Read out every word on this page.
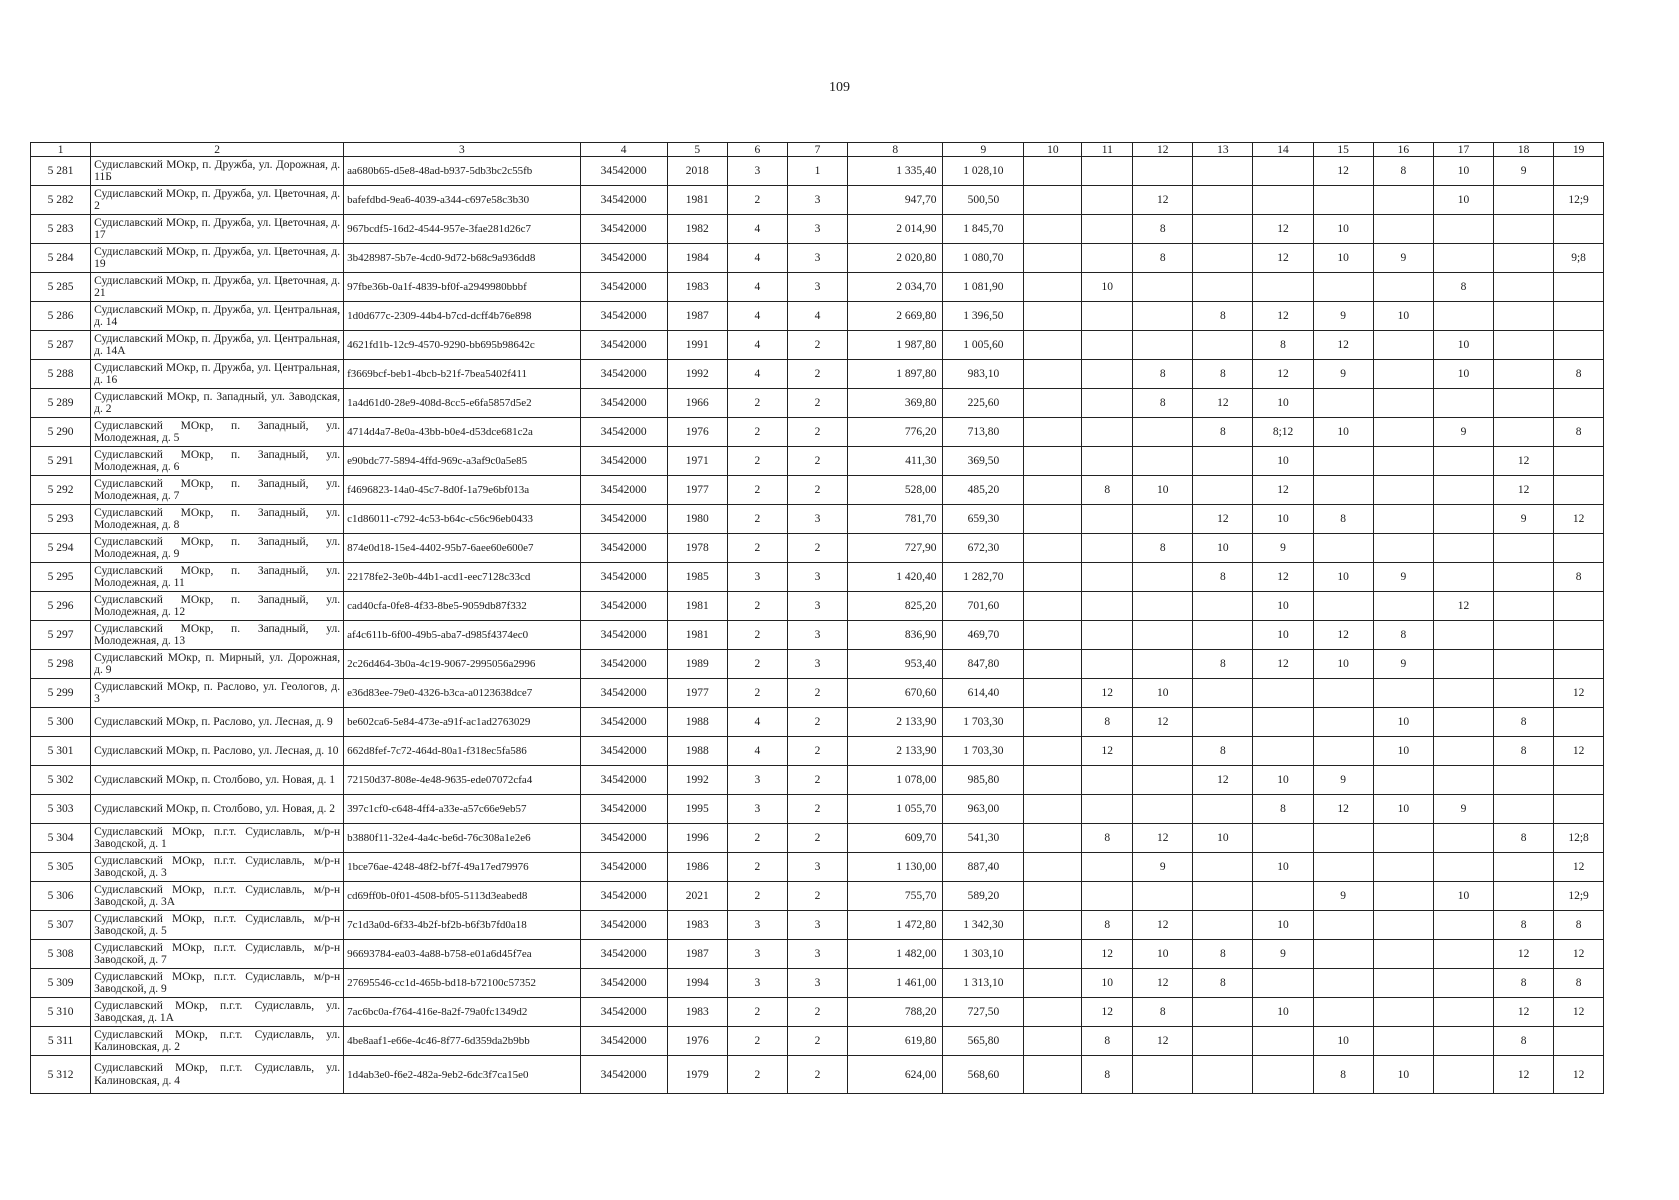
109
1	2	3	4	5	6	7	8	9	10	11	12	13	14	15	16	17	18	19
5 281	Судиславский МОкр, п. Дружба, ул. Дорожная, д. 11Б	aa680b65-d5e8-48ad-b937-5db3bc2c55fb	34542000	2018	3	1	1 335,40	1 028,10						12	8	10	9	
5 282	Судиславский МОкр, п. Дружба, ул. Цветочная, д. 2	bafefdbd-9ea6-4039-a344-c697e58c3b30	34542000	1981	2	3	947,70	500,50			12					10		12;9
5 283	Судиславский МОкр, п. Дружба, ул. Цветочная, д. 17	967bcdf5-16d2-4544-957e-3fae281d26c7	34542000	1982	4	3	2 014,90	1 845,70			8		12	10				
5 284	Судиславский МОкр, п. Дружба, ул. Цветочная, д. 19	3b428987-5b7e-4cd0-9d72-b68c9a936dd8	34542000	1984	4	3	2 020,80	1 080,70			8		12	10	9			9;8
5 285	Судиславский МОкр, п. Дружба, ул. Цветочная, д. 21	97fbe36b-0a1f-4839-bf0f-a2949980bbbf	34542000	1983	4	3	2 034,70	1 081,90		10						8		
5 286	Судиславский МОкр, п. Дружба, ул. Центральная, д. 14	1d0d677c-2309-44b4-b7cd-dcff4b76e898	34542000	1987	4	4	2 669,80	1 396,50				8	12	9	10			
5 287	Судиславский МОкр, п. Дружба, ул. Центральная, д. 14А	4621fd1b-12c9-4570-9290-bb695b98642c	34542000	1991	4	2	1 987,80	1 005,60					8	12		10		
5 288	Судиславский МОкр, п. Дружба, ул. Центральная, д. 16	f3669bcf-beb1-4bcb-b21f-7bea5402f411	34542000	1992	4	2	1 897,80	983,10			8	8	12	9		10		8
5 289	Судиславский МОкр, п. Западный, ул. Заводская, д. 2	1a4d61d0-28e9-408d-8cc5-e6fa5857d5e2	34542000	1966	2	2	369,80	225,60			8	12	10					
5 290	Судиславский МОкр, п. Западный, ул. Молодежная, д. 5	4714d4a7-8e0a-43bb-b0e4-d53dce681c2a	34542000	1976	2	2	776,20	713,80				8	8;12	10		9		8
5 291	Судиславский МОкр, п. Западный, ул. Молодежная, д. 6	e90bdc77-5894-4ffd-969c-a3af9c0a5e85	34542000	1971	2	2	411,30	369,50					10				12	
5 292	Судиславский МОкр, п. Западный, ул. Молодежная, д. 7	f4696823-14a0-45c7-8d0f-1a79e6bf013a	34542000	1977	2	2	528,00	485,20		8	10		12				12	
5 293	Судиславский МОкр, п. Западный, ул. Молодежная, д. 8	c1d86011-c792-4c53-b64c-c56c96eb0433	34542000	1980	2	3	781,70	659,30				12	10	8			9	12
5 294	Судиславский МОкр, п. Западный, ул. Молодежная, д. 9	874e0d18-15e4-4402-95b7-6aee60e600e7	34542000	1978	2	2	727,90	672,30			8	10	9					
5 295	Судиславский МОкр, п. Западный, ул. Молодежная, д. 11	22178fe2-3e0b-44b1-acd1-eec7128c33cd	34542000	1985	3	3	1 420,40	1 282,70				8	12	10	9			8
5 296	Судиславский МОкр, п. Западный, ул. Молодежная, д. 12	cad40cfa-0fe8-4f33-8be5-9059db87f332	34542000	1981	2	3	825,20	701,60					10			12		
5 297	Судиславский МОкр, п. Западный, ул. Молодежная, д. 13	af4c611b-6f00-49b5-aba7-d985f4374ec0	34542000	1981	2	3	836,90	469,70					10	12	8			
5 298	Судиславский МОкр, п. Мирный, ул. Дорожная, д. 9	2c26d464-3b0a-4c19-9067-2995056a2996	34542000	1989	2	3	953,40	847,80				8	12	10	9			
5 299	Судиславский МОкр, п. Раслово, ул. Геологов, д. 3	e36d83ee-79e0-4326-b3ca-a0123638dce7	34542000	1977	2	2	670,60	614,40		12	10							12
5 300	Судиславский МОкр, п. Раслово, ул. Лесная, д. 9	be602ca6-5e84-473e-a91f-ac1ad2763029	34542000	1988	4	2	2 133,90	1 703,30		8	12				10		8	
5 301	Судиславский МОкр, п. Раслово, ул. Лесная, д. 10	662d8fef-7c72-464d-80a1-f318ec5fa586	34542000	1988	4	2	2 133,90	1 703,30		12		8			10		8	12
5 302	Судиславский МОкр, п. Столбово, ул. Новая, д. 1	72150d37-808e-4e48-9635-ede07072cfa4	34542000	1992	3	2	1 078,00	985,80				12	10	9				
5 303	Судиславский МОкр, п. Столбово, ул. Новая, д. 2	397c1cf0-c648-4ff4-a33e-a57c66e9eb57	34542000	1995	3	2	1 055,70	963,00					8	12	10	9		
5 304	Судиславский МОкр, п.г.т. Судиславль, м/р-н Заводской, д. 1	b3880f11-32e4-4a4c-be6d-76c308a1e2e6	34542000	1996	2	2	609,70	541,30		8	12	10					8	12;8
5 305	Судиславский МОкр, п.г.т. Судиславль, м/р-н Заводской, д. 3	1bce76ae-4248-48f2-bf7f-49a17ed79976	34542000	1986	2	3	1 130,00	887,40			9		10					12
5 306	Судиславский МОкр, п.г.т. Судиславль, м/р-н Заводской, д. 3А	cd69ff0b-0f01-4508-bf05-5113d3eabed8	34542000	2021	2	2	755,70	589,20						9		10		12;9
5 307	Судиславский МОкр, п.г.т. Судиславль, м/р-н Заводской, д. 5	7c1d3a0d-6f33-4b2f-bf2b-b6f3b7fd0a18	34542000	1983	3	3	1 472,80	1 342,30		8	12		10				8	8
5 308	Судиславский МОкр, п.г.т. Судиславль, м/р-н Заводской, д. 7	96693784-ea03-4a88-b758-e01a6d45f7ea	34542000	1987	3	3	1 482,00	1 303,10		12	10	8	9				12	12
5 309	Судиславский МОкр, п.г.т. Судиславль, м/р-н Заводской, д. 9	27695546-cc1d-465b-bd18-b72100c57352	34542000	1994	3	3	1 461,00	1 313,10		10	12	8					8	8
5 310	Судиславский МОкр, п.г.т. Судиславль, ул. Заводская, д. 1А	7ac6bc0a-f764-416e-8a2f-79a0fc1349d2	34542000	1983	2	2	788,20	727,50		12	8		10				12	12
5 311	Судиславский МОкр, п.г.т. Судиславль, ул. Калиновская, д. 2	4be8aaf1-e66e-4c46-8f77-6d359da2b9bb	34542000	1976	2	2	619,80	565,80		8	12			10			8	
5 312	Судиславский МОкр, п.г.т. Судиславль, ул. Калиновская, д. 4	1d4ab3e0-f6e2-482a-9eb2-6dc3f7ca15e0	34542000	1979	2	2	624,00	568,60		8				8	10		12	12
